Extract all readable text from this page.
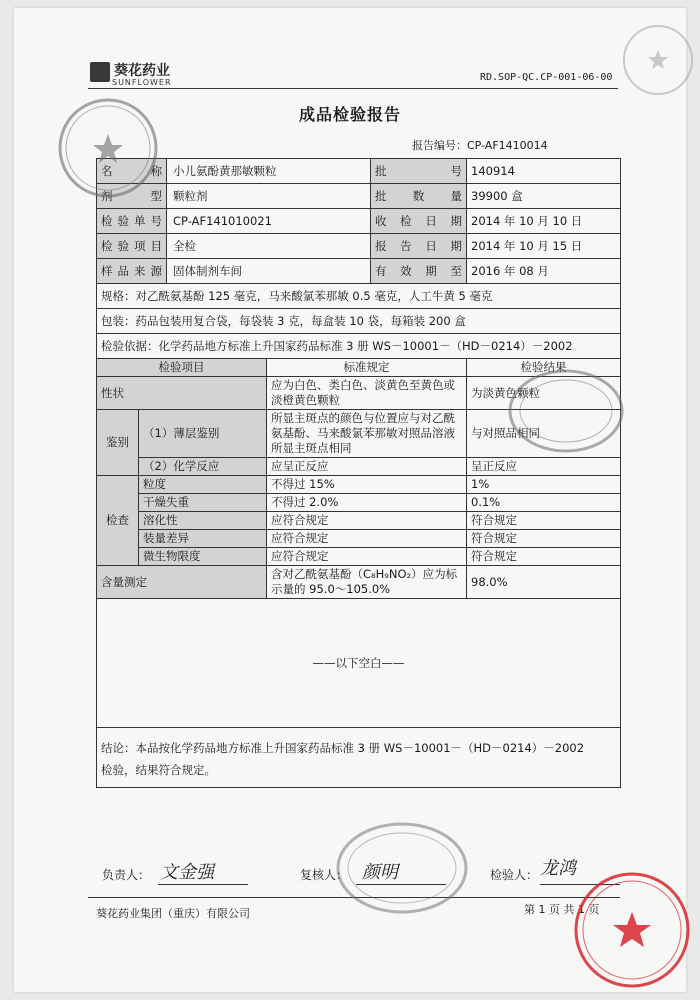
葵花药业
SUNFLOWER	RD.SOP-QC.CP-001-06-00
成品检验报告
报告编号：CP-AF1410014
名　　称		小儿氨酚黄那敏颗粒		批　　号	140914
剂　　型		颗粒剂		批 数 量	39900 盒
检验单号		CP-AF141010021		收检日期	2014 年 10 月 10 日
检验项目		全检		报告日期	2014 年 10 月 15 日
样品来源		固体制剂车间		有效期至	2016 年 08 月
规格：对乙酰氨基酚 125 毫克，马来酸氯苯那敏 0.5 毫克，人工牛黄 5 毫克					
包装：药品包装用复合袋，每袋装 3 克，每盒装 10 袋，每箱装 200 盒					
检验依据：化学药品地方标准上升国家药品标准 3 册 WS－10001－（HD－0214）－2002					
检验项目			标准规定		检验结果
性状			应为白色、类白色、淡黄色至黄色或淡橙黄色颗粒		为淡黄色颗粒
鉴别	（1）薄层鉴别		所显主斑点的颜色与位置应与对乙酰氨基酚、马来酸氯苯那敏对照品溶液所显主斑点相同		与对照品相同
	（2）化学反应		应呈正反应		呈正反应
检查	粒度		不得过 15%		1%
	干燥失重		不得过 2.0%		0.1%
	溶化性		应符合规定		符合规定
	装量差异		应符合规定		符合规定
	微生物限度		应符合规定		符合规定
含量测定			含对乙酰氨基酚（C₈H₉NO₂）应为标示量的 95.0～105.0%		98.0%
——以下空白——					

结论：本品按化学药品地方标准上升国家药品标准 3 册 WS－10001－（HD－0214）－2002
检验，结果符合规定。					
负责人： 文金强	复核人： 颜明	检验人： 龙鸿
葵花药业集团（重庆）有限公司	第 1 页 共 1 页
